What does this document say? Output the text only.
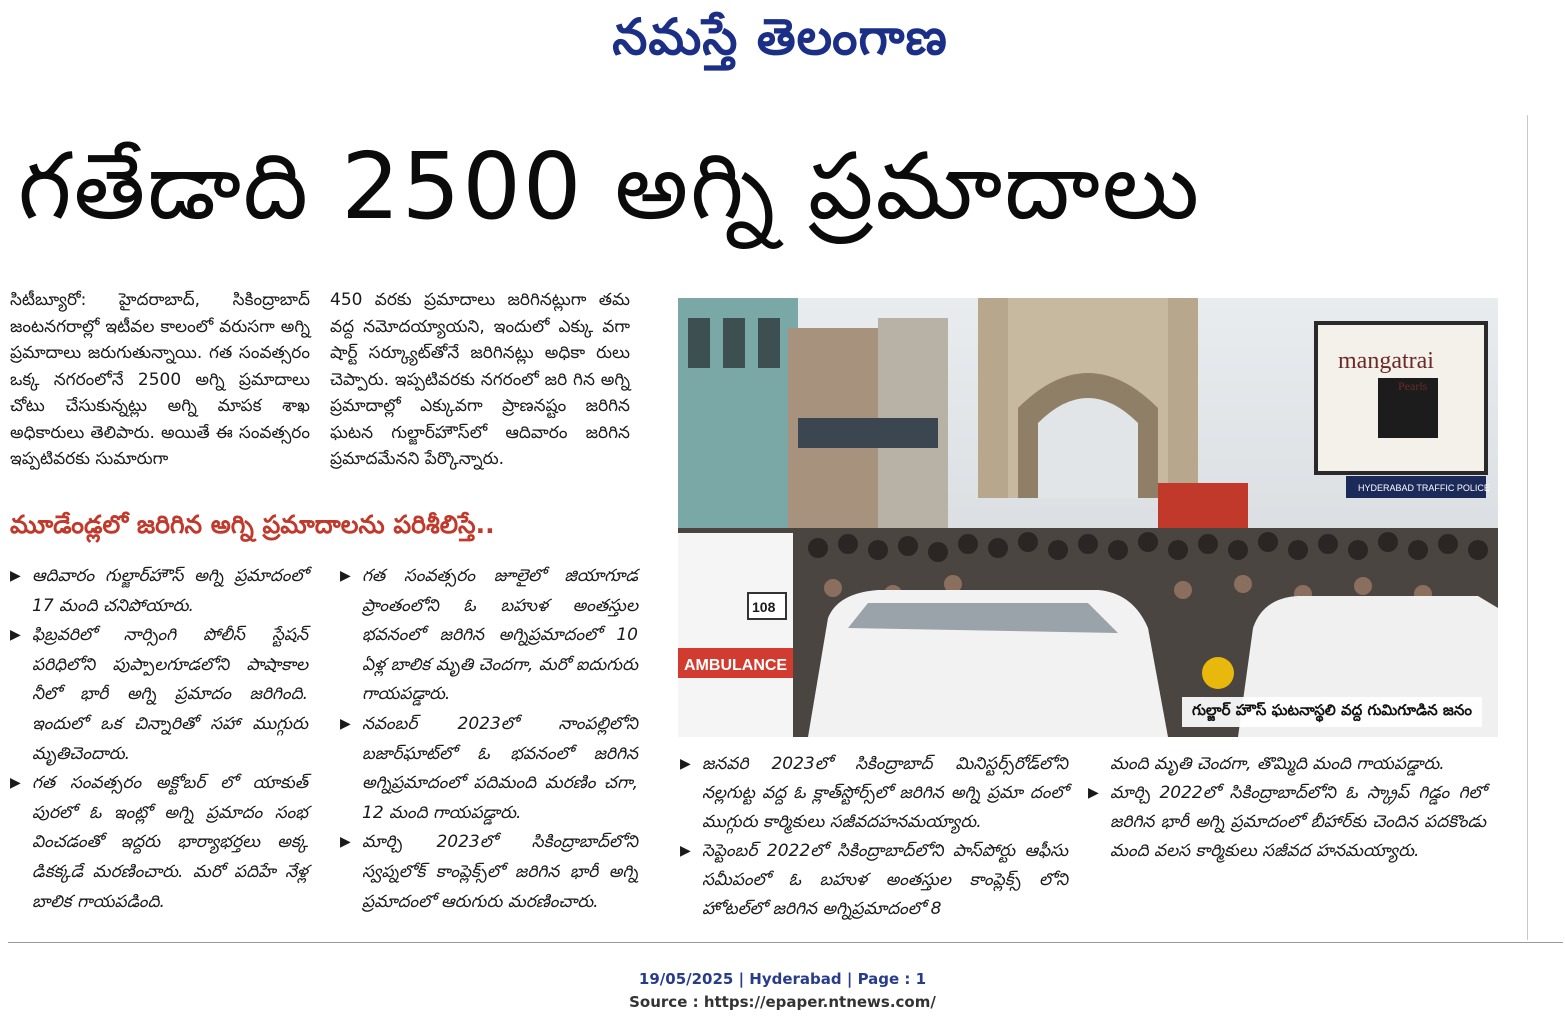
నమస్తే తెలంగాణ
గతేడాది 2500 అగ్ని ప్రమాదాలు
సిటీబ్యూరో: హైదరాబాద్, సికింద్రాబాద్ జంటనగరాల్లో ఇటీవల కాలంలో వరుసగా అగ్ని ప్రమాదాలు జరుగుతున్నాయి. గత సంవత్సరం ఒక్క నగరంలోనే 2500 అగ్ని ప్రమాదాలు చోటు చేసుకున్నట్లు అగ్ని మాపక శాఖ అధికారులు తెలిపారు. అయితే ఈ సంవత్సరం ఇప్పటివరకు సుమారుగా
450 వరకు ప్రమాదాలు జరిగినట్లుగా తమ వద్ద నమోదయ్యాయని, ఇందులో ఎక్కు వగా షార్ట్ సర్క్యూట్‌తోనే జరిగినట్లు అధికా రులు చెప్పారు. ఇప్పటివరకు నగరంలో జరి గిన అగ్ని ప్రమాదాల్లో ఎక్కువగా ప్రాణనష్టం జరిగిన ఘటన గుల్జార్‌హౌస్‌లో ఆదివారం జరిగిన ప్రమాదమేనని పేర్కొన్నారు.
మూడేండ్లలో జరిగిన అగ్ని ప్రమాదాలను పరిశీలిస్తే..
▶ ఆదివారం గుల్జార్‌హౌస్ అగ్ని ప్రమాదంలో 17 మంది చనిపోయారు.
▶ ఫిబ్రవరిలో నార్సింగి పోలీస్ స్టేషన్ పరిధిలోని పుప్పాలగూడలోని పాషాకాల నీలో భారీ అగ్ని ప్రమాదం జరిగింది. ఇందులో ఒక చిన్నారితో సహా ముగ్గురు మృతిచెందారు.
▶ గత సంవత్సరం అక్టోబర్ లో యాకుత్ పురలో ఓ ఇంట్లో అగ్ని ప్రమాదం సంభ వించడంతో ఇద్దరు భార్యాభర్తలు అక్క డికక్కడే మరణించారు. మరో పదిహే నేళ్ల బాలిక గాయపడింది.
▶ గత సంవత్సరం జూలైలో జియాగూడ ప్రాంతంలోని ఓ బహుళ అంతస్తుల భవనంలో జరిగిన అగ్నిప్రమాదంలో 10 ఏళ్ల బాలిక మృతి చెందగా, మరో ఐదుగురు గాయపడ్డారు.
▶ నవంబర్ 2023లో నాంపల్లిలోని బజార్‌ఘాట్‌లో ఓ భవనంలో జరిగిన అగ్నిప్రమాదంలో పదిమంది మరణిం చగా, 12 మంది గాయపడ్డారు.
▶ మార్చి 2023లో సికింద్రాబాద్‌లోని స్వప్నలోక్ కాంప్లెక్స్‌లో జరిగిన భారీ అగ్ని ప్రమాదంలో ఆరుగురు మరణించారు.
mangatrai
Pearls
HYDERABAD TRAFFIC POLICE
AMBULANCE
108
గుల్జార్ హౌస్ ఘటనాస్థలి వద్ద గుమిగూడిన జనం
▶ జనవరి 2023లో సికింద్రాబాద్ మినిస్టర్స్‌రోడ్‌లోని నల్లగుట్ట వద్ద ఓ క్లాత్‌స్టోర్స్‌లో జరిగిన అగ్ని ప్రమా దంలో ముగ్గురు కార్మికులు సజీవదహనమయ్యారు.
▶ సెప్టెంబర్ 2022లో సికింద్రాబాద్‌లోని పాస్‌పోర్టు ఆఫీసు సమీపంలో ఓ బహుళ అంతస్తుల కాంప్లెక్స్ లోని హోటల్‌లో జరిగిన అగ్నిప్రమాదంలో 8
మంది మృతి చెందగా, తొమ్మిది మంది గాయపడ్డారు.
▶ మార్చి 2022లో సికింద్రాబాద్‌లోని ఓ స్క్రాప్ గిడ్డం గిలో జరిగిన భారీ అగ్ని ప్రమాదంలో బీహార్‌కు చెందిన పదకొండు మంది వలస కార్మికులు సజీవద హనమయ్యారు.
19/05/2025 | Hyderabad | Page : 1
Source : https://epaper.ntnews.com/
